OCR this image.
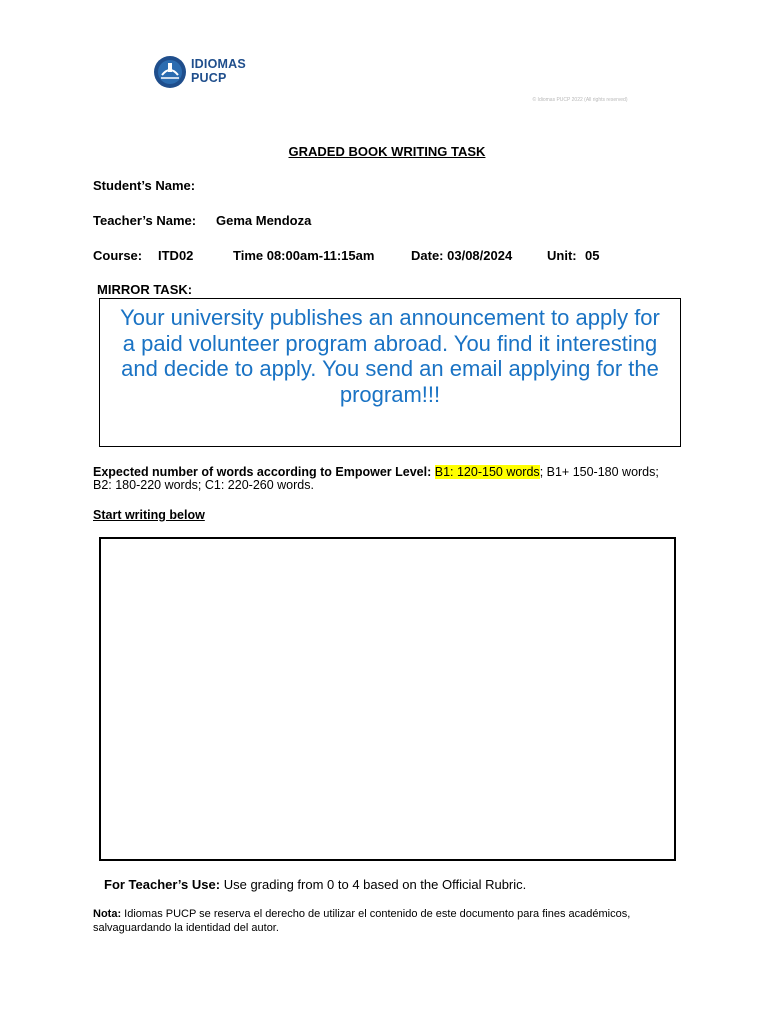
IDIOMAS
PUCP
© Idiomas PUCP 2022 (All rights reserved)
GRADED BOOK WRITING TASK
Student’s Name:
Teacher’s Name: Gema Mendoza
Course: ITD02	Time 08:00am-11:15am	Date: 03/08/2024	Unit: 05
MIRROR TASK:
Your university publishes an announcement to apply for a paid volunteer program abroad. You find it interesting and decide to apply. You send an email applying for the program!!!
Expected number of words according to Empower Level: B1: 120-150 words; B1+ 150-180 words; B2: 180-220 words; C1: 220-260 words.
Start writing below
For Teacher’s Use: Use grading from 0 to 4 based on the Official Rubric.
Nota: Idiomas PUCP se reserva el derecho de utilizar el contenido de este documento para fines académicos, salvaguardando la identidad del autor.
